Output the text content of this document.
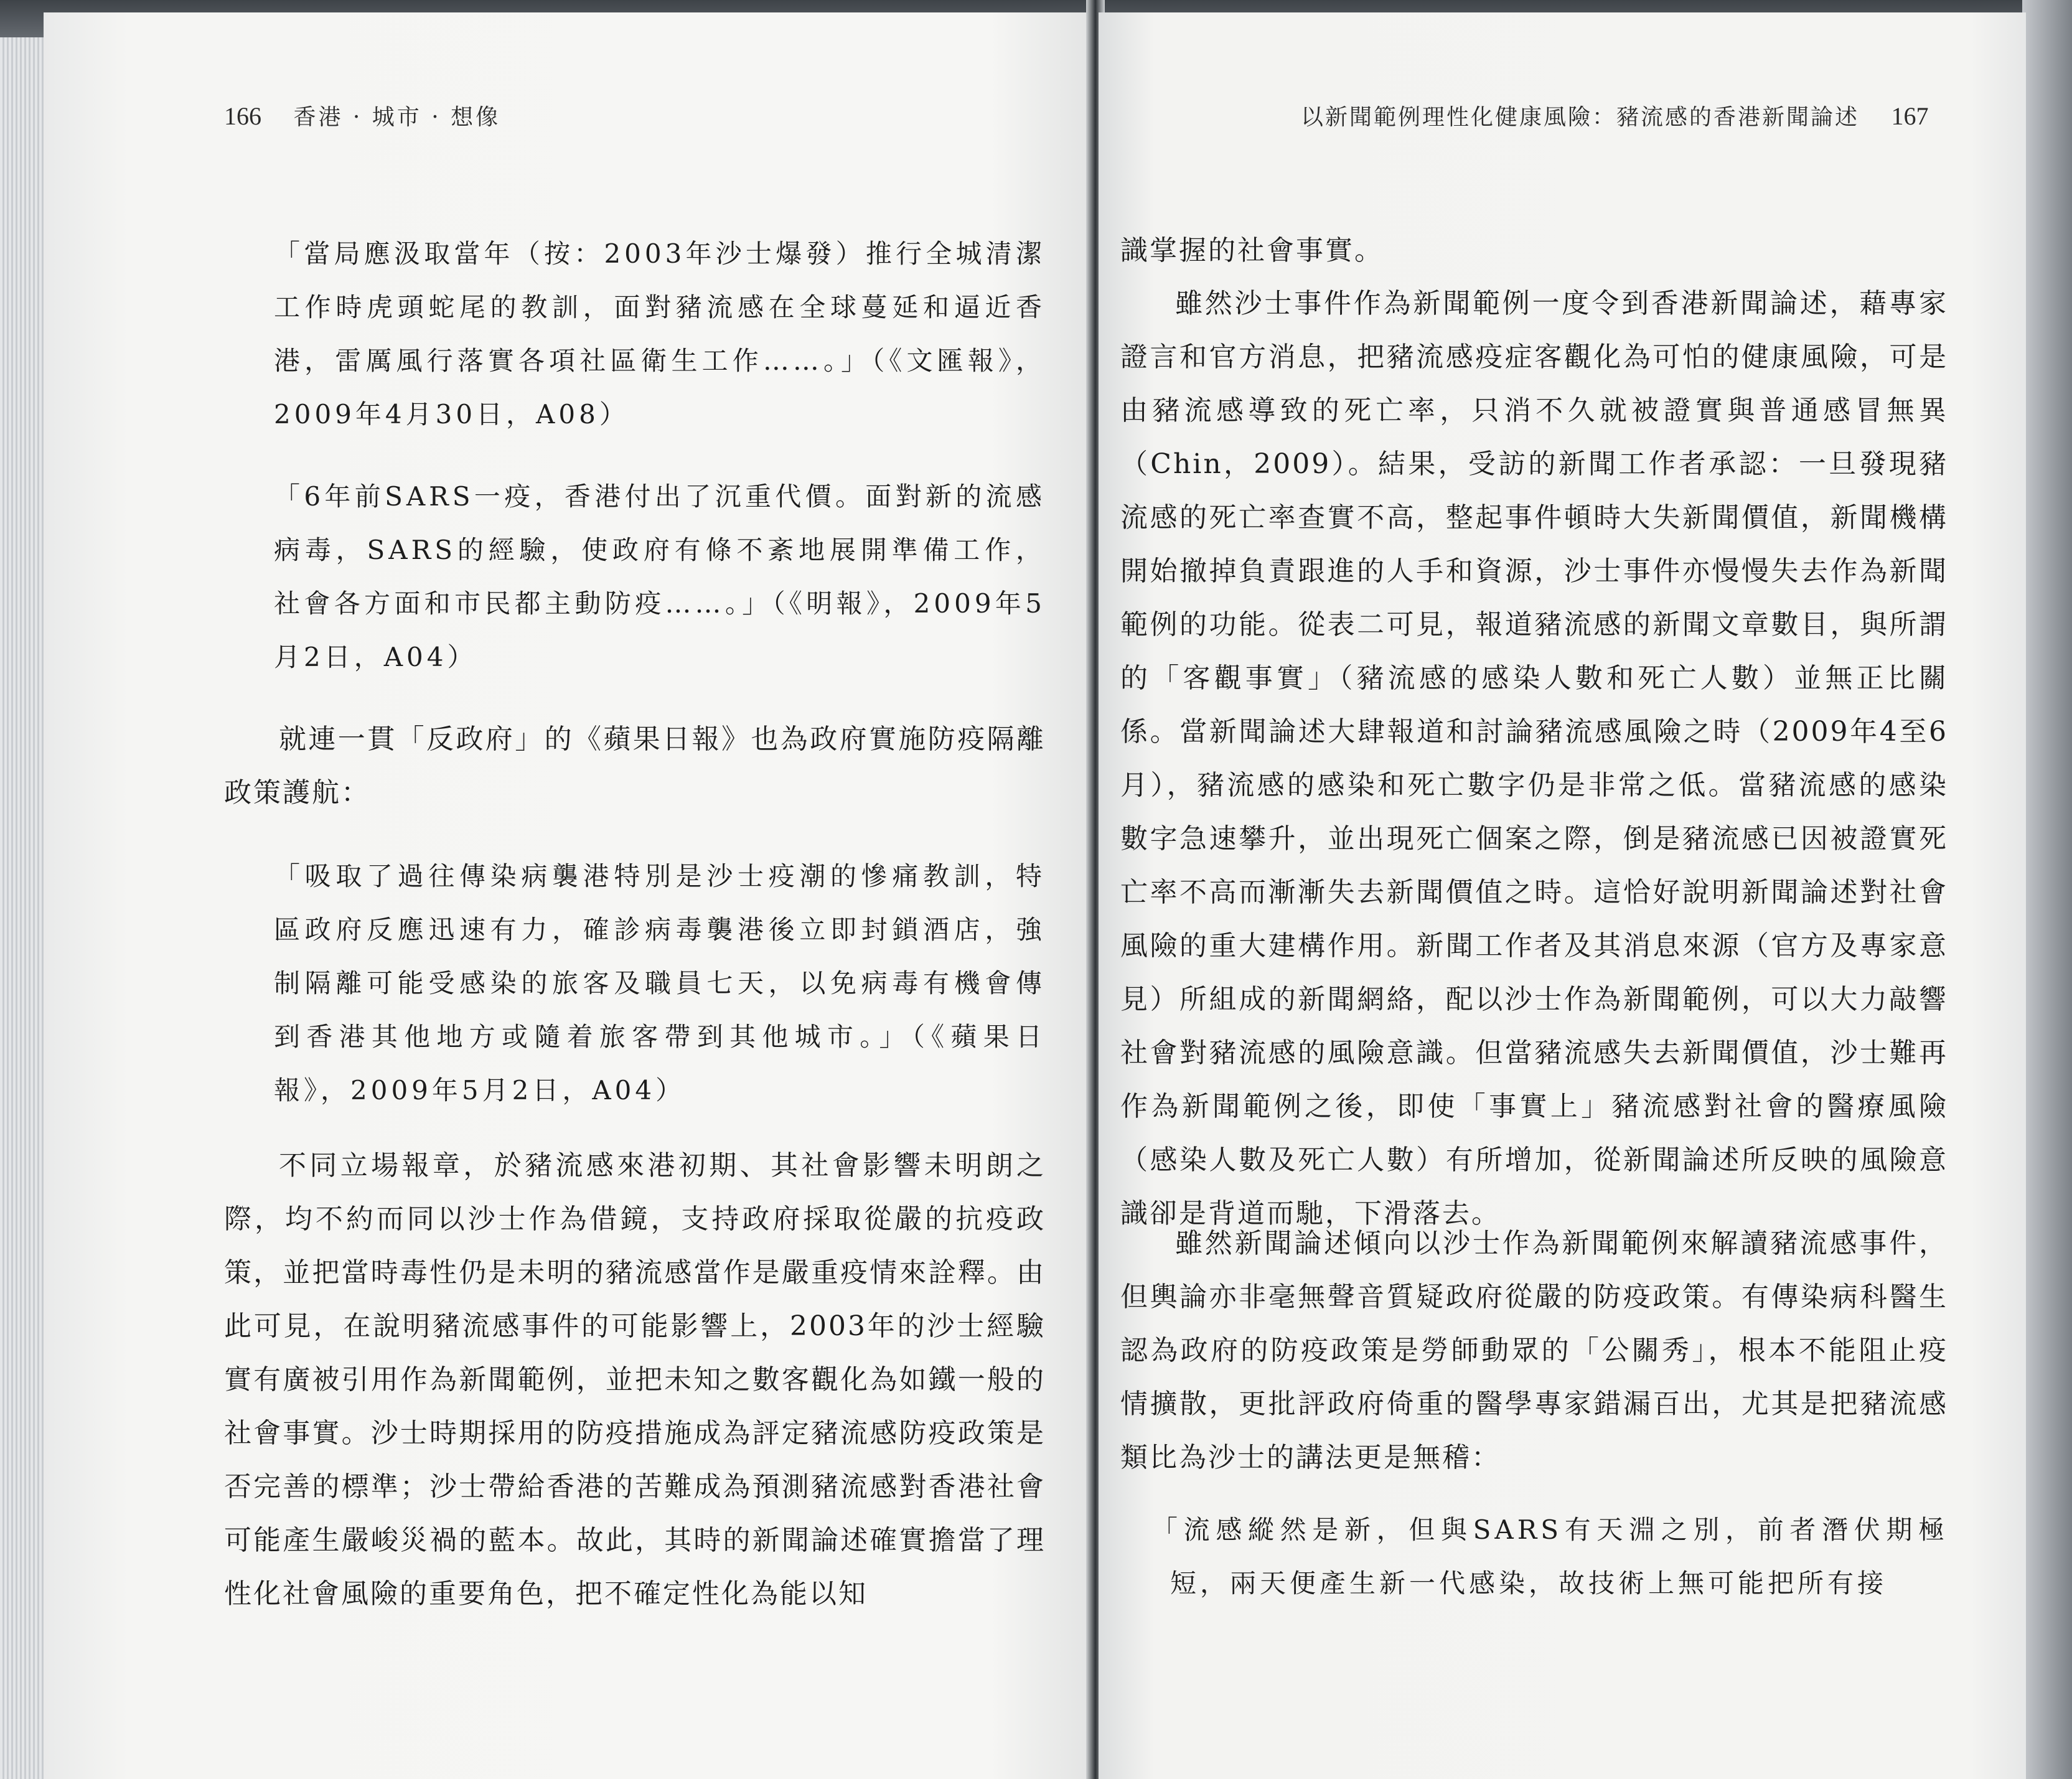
166 香港 · 城市 · 想像

「當局應汲取當年（按：2003年沙士爆發）推行全城清潔工作時虎頭蛇尾的教訓，面對豬流感在全球蔓延和逼近香港，雷厲風行落實各項社區衛生工作……。」（《文匯報》，2009年4月30日，A08）

「6年前SARS一疫，香港付出了沉重代價。面對新的流感病毒，SARS的經驗，使政府有條不紊地展開準備工作，社會各方面和市民都主動防疫……。」（《明報》，2009年5月2日，A04）

就連一貫「反政府」的《蘋果日報》也為政府實施防疫隔離政策護航：

「吸取了過往傳染病襲港特別是沙士疫潮的慘痛教訓，特區政府反應迅速有力，確診病毒襲港後立即封鎖酒店，強制隔離可能受感染的旅客及職員七天，以免病毒有機會傳到香港其他地方或隨着旅客帶到其他城市。」（《蘋果日報》，2009年5月2日，A04）

不同立場報章，於豬流感來港初期、其社會影響未明朗之際，均不約而同以沙士作為借鏡，支持政府採取從嚴的抗疫政策，並把當時毒性仍是未明的豬流感當作是嚴重疫情來詮釋。由此可見，在說明豬流感事件的可能影響上，2003年的沙士經驗實有廣被引用作為新聞範例，並把未知之數客觀化為如鐵一般的社會事實。沙士時期採用的防疫措施成為評定豬流感防疫政策是否完善的標準；沙士帶給香港的苦難成為預測豬流感對香港社會可能產生嚴峻災禍的藍本。故此，其時的新聞論述確實擔當了理性化社會風險的重要角色，把不確定性化為能以知

以新聞範例理性化健康風險：豬流感的香港新聞論述 167

識掌握的社會事實。

雖然沙士事件作為新聞範例一度令到香港新聞論述，藉專家證言和官方消息，把豬流感疫症客觀化為可怕的健康風險，可是由豬流感導致的死亡率，只消不久就被證實與普通感冒無異（Chin，2009）。結果，受訪的新聞工作者承認：一旦發現豬流感的死亡率查實不高，整起事件頓時大失新聞價值，新聞機構開始撤掉負責跟進的人手和資源，沙士事件亦慢慢失去作為新聞範例的功能。從表二可見，報道豬流感的新聞文章數目，與所謂的「客觀事實」（豬流感的感染人數和死亡人數）並無正比關係。當新聞論述大肆報道和討論豬流感風險之時（2009年4至6月），豬流感的感染和死亡數字仍是非常之低。當豬流感的感染數字急速攀升，並出現死亡個案之際，倒是豬流感已因被證實死亡率不高而漸漸失去新聞價值之時。這恰好說明新聞論述對社會風險的重大建構作用。新聞工作者及其消息來源（官方及專家意見）所組成的新聞網絡，配以沙士作為新聞範例，可以大力敲響社會對豬流感的風險意識。但當豬流感失去新聞價值，沙士難再作為新聞範例之後，即使「事實上」豬流感對社會的醫療風險（感染人數及死亡人數）有所增加，從新聞論述所反映的風險意識卻是背道而馳，下滑落去。

雖然新聞論述傾向以沙士作為新聞範例來解讀豬流感事件，但輿論亦非毫無聲音質疑政府從嚴的防疫政策。有傳染病科醫生認為政府的防疫政策是勞師動眾的「公關秀」，根本不能阻止疫情擴散，更批評政府倚重的醫學專家錯漏百出，尤其是把豬流感類比為沙士的講法更是無稽：

「流感縱然是新，但與SARS有天淵之別，前者潛伏期極短，兩天便產生新一代感染，故技術上無可能把所有接
